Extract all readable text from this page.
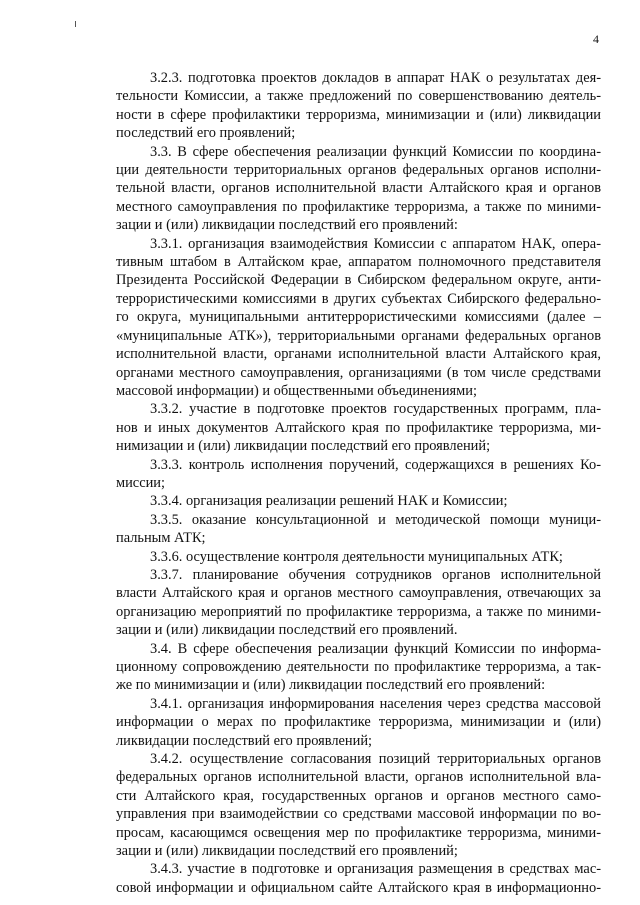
4

3.2.3. подготовка проектов докладов в аппарат НАК о результатах дея-
тельности Комиссии, а также предложений по совершенствованию деятель-
ности в сфере профилактики терроризма, минимизации и (или) ликвидации
последствий его проявлений;

3.3. В сфере обеспечения реализации функций Комиссии по координа-
ции деятельности территориальных органов федеральных органов исполни-
тельной власти, органов исполнительной власти Алтайского края и органов
местного самоуправления по профилактике терроризма, а также по миними-
зации и (или) ликвидации последствий его проявлений:

3.3.1. организация взаимодействия Комиссии с аппаратом НАК, опера-
тивным штабом в Алтайском крае, аппаратом полномочного представителя
Президента Российской Федерации в Сибирском федеральном округе, анти-
террористическими комиссиями в других субъектах Сибирского федерально-
го округа, муниципальными антитеррористическими комиссиями (далее –
«муниципальные АТК»), территориальными органами федеральных органов
исполнительной власти, органами исполнительной власти Алтайского края,
органами местного самоуправления, организациями (в том числе средствами
массовой информации) и общественными объединениями;

3.3.2. участие в подготовке проектов государственных программ, пла-
нов и иных документов Алтайского края по профилактике терроризма, ми-
нимизации и (или) ликвидации последствий его проявлений;

3.3.3. контроль исполнения поручений, содержащихся в решениях Ко-
миссии;

3.3.4. организация реализации решений НАК и Комиссии;

3.3.5. оказание консультационной и методической помощи муници-
пальным АТК;

3.3.6. осуществление контроля деятельности муниципальных АТК;

3.3.7. планирование обучения сотрудников органов исполнительной
власти Алтайского края и органов местного самоуправления, отвечающих за
организацию мероприятий по профилактике терроризма, а также по миними-
зации и (или) ликвидации последствий его проявлений.

3.4. В сфере обеспечения реализации функций Комиссии по информа-
ционному сопровождению деятельности по профилактике терроризма, а так-
же по минимизации и (или) ликвидации последствий его проявлений:

3.4.1. организация информирования населения через средства массовой
информации о мерах по профилактике терроризма, минимизации и (или)
ликвидации последствий его проявлений;

3.4.2. осуществление согласования позиций территориальных органов
федеральных органов исполнительной власти, органов исполнительной вла-
сти Алтайского края, государственных органов и органов местного само-
управления при взаимодействии со средствами массовой информации по во-
просам, касающимся освещения мер по профилактике терроризма, миними-
зации и (или) ликвидации последствий его проявлений;

3.4.3. участие в подготовке и организация размещения в средствах мас-
совой информации и официальном сайте Алтайского края в информационно-
